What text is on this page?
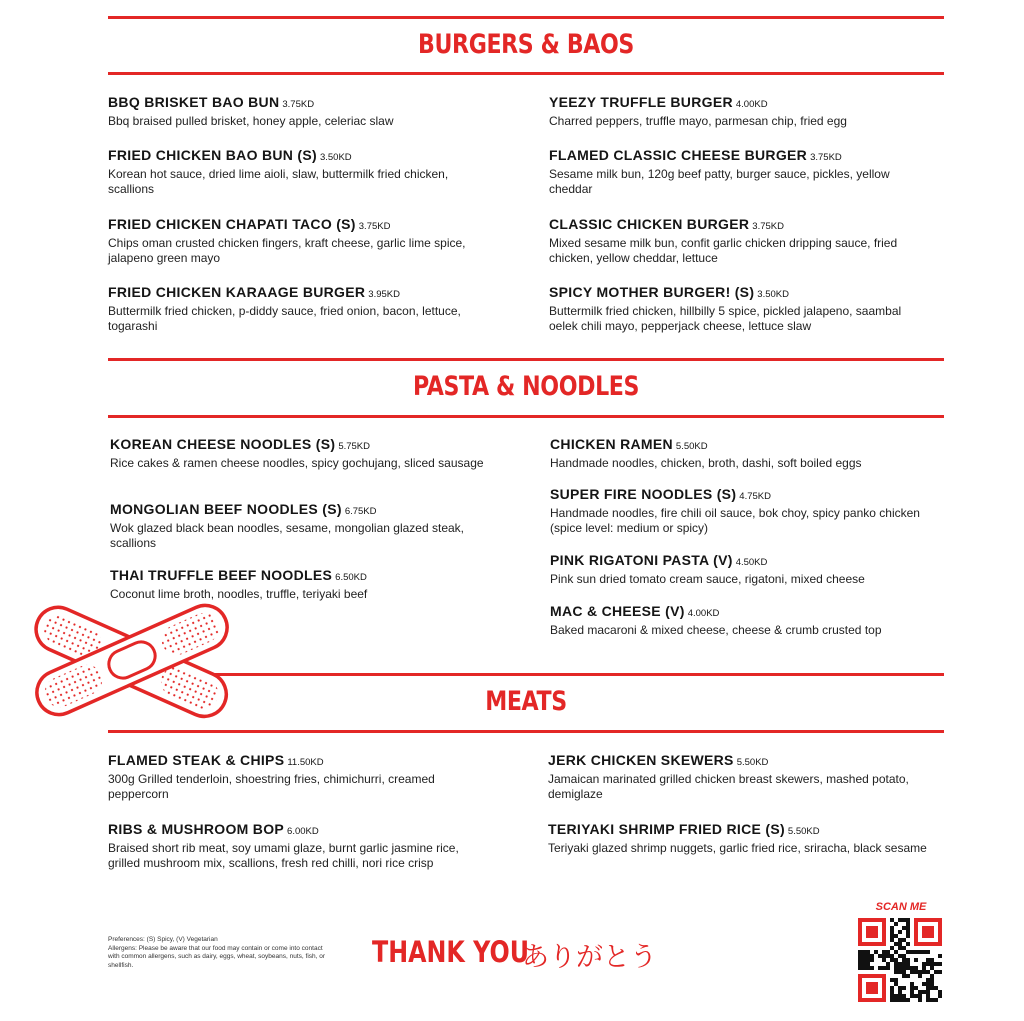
BURGERS & BAOS
PASTA & NOODLES
MEATS
BBQ BRISKET BAO BUN 3.75KD
Bbq braised pulled brisket, honey apple, celeriac slaw
FRIED CHICKEN BAO BUN (S) 3.50KD
Korean hot sauce, dried lime aioli, slaw, buttermilk fried chicken, scallions
FRIED CHICKEN CHAPATI TACO (S) 3.75KD
Chips oman crusted chicken fingers, kraft cheese, garlic lime spice, jalapeno green mayo
FRIED CHICKEN KARAAGE BURGER 3.95KD
Buttermilk fried chicken, p-diddy sauce, fried onion, bacon, lettuce, togarashi
YEEZY TRUFFLE BURGER 4.00KD
Charred peppers, truffle mayo, parmesan chip, fried egg
FLAMED CLASSIC CHEESE BURGER 3.75KD
Sesame milk bun, 120g beef patty, burger sauce, pickles, yellow cheddar
CLASSIC CHICKEN BURGER 3.75KD
Mixed sesame milk bun, confit garlic chicken dripping sauce, fried chicken, yellow cheddar, lettuce
SPICY MOTHER BURGER! (S) 3.50KD
Buttermilk fried chicken, hillbilly 5 spice, pickled jalapeno, saambal oelek chili mayo, pepperjack cheese, lettuce slaw
KOREAN CHEESE NOODLES (S) 5.75KD
Rice cakes & ramen cheese noodles, spicy gochujang, sliced sausage
MONGOLIAN BEEF NOODLES (S) 6.75KD
Wok glazed black bean noodles, sesame, mongolian glazed steak, scallions
THAI TRUFFLE BEEF NOODLES 6.50KD
Coconut lime broth, noodles, truffle, teriyaki beef
CHICKEN RAMEN 5.50KD
Handmade noodles, chicken, broth, dashi, soft boiled eggs
SUPER FIRE NOODLES (S) 4.75KD
Handmade noodles, fire chili oil sauce, bok choy, spicy panko chicken (spice level: medium or spicy)
PINK RIGATONI PASTA (V) 4.50KD
Pink sun dried tomato cream sauce, rigatoni, mixed cheese
MAC & CHEESE (V) 4.00KD
Baked macaroni & mixed cheese, cheese & crumb crusted top
FLAMED STEAK & CHIPS 11.50KD
300g Grilled tenderloin, shoestring fries, chimichurri, creamed peppercorn
RIBS & MUSHROOM BOP 6.00KD
Braised short rib meat, soy umami glaze, burnt garlic jasmine rice, grilled mushroom mix, scallions, fresh red chilli, nori rice crisp
JERK CHICKEN SKEWERS 5.50KD
Jamaican marinated grilled chicken breast skewers, mashed potato, demiglaze
TERIYAKI SHRIMP FRIED RICE (S) 5.50KD
Teriyaki glazed shrimp nuggets, garlic fried rice, sriracha, black sesame
Preferences: (S) Spicy, (V) Vegetarian
Allergens: Please be aware that our food may contain or come into contact with common allergens, such as dairy, eggs, wheat, soybeans, nuts, fish, or shellfish.	THANK YOU
ありがとう
SCAN ME
